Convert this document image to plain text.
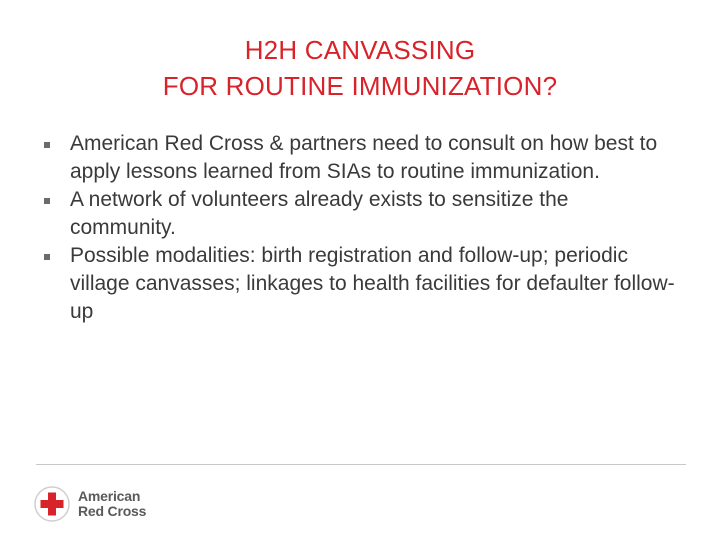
H2H CANVASSING
FOR ROUTINE IMMUNIZATION?
American Red Cross & partners need to consult on how best to apply lessons learned from SIAs to routine immunization.
A network of volunteers already exists to sensitize the community.
Possible modalities: birth registration and follow-up; periodic village canvasses; linkages to health facilities for defaulter follow-up
American
Red Cross
